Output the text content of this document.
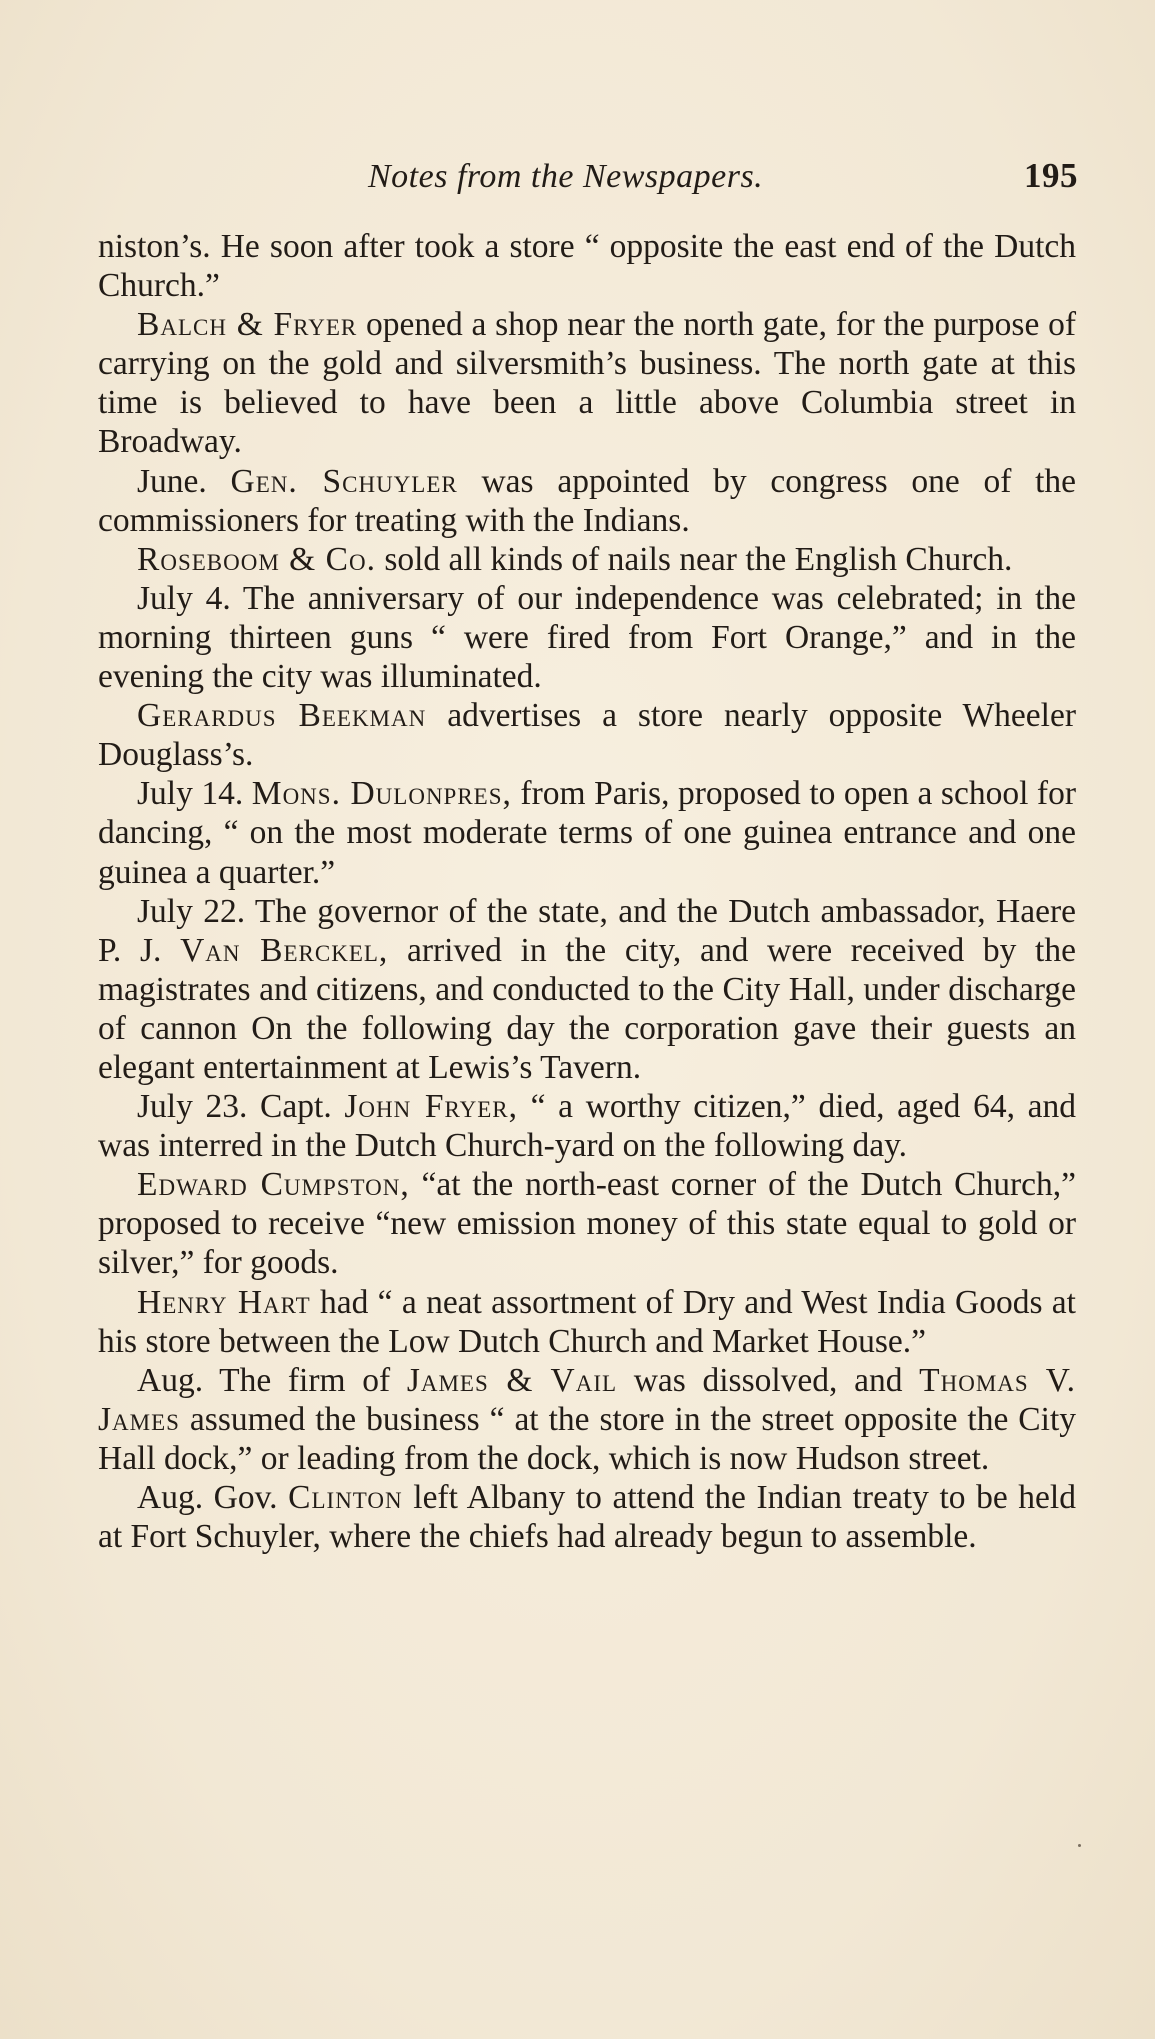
Notes from the Newspapers.	195

niston’s. He soon after took a store “ opposite the east end of the Dutch Church.”

Balch & Fryer opened a shop near the north gate, for the purpose of carrying on the gold and silversmith’s business. The north gate at this time is believed to have been a little above Columbia street in Broadway.

June. Gen. Schuyler was appointed by congress one of the commissioners for treating with the Indians.

Roseboom & Co. sold all kinds of nails near the English Church.

July 4. The anniversary of our independence was celebrated; in the morning thirteen guns “ were fired from Fort Orange,” and in the evening the city was illuminated.

Gerardus Beekman advertises a store nearly opposite Wheeler Douglass’s.

July 14. Mons. Dulonpres, from Paris, proposed to open a school for dancing, “ on the most moderate terms of one guinea entrance and one guinea a quarter.”

July 22. The governor of the state, and the Dutch ambassador, Haere P. J. Van Berckel, arrived in the city, and were received by the magistrates and citizens, and conducted to the City Hall, under discharge of cannon On the following day the corporation gave their guests an elegant entertainment at Lewis’s Tavern.

July 23. Capt. John Fryer, “ a worthy citizen,” died, aged 64, and was interred in the Dutch Church-yard on the following day.

Edward Cumpston, “at the north-east corner of the Dutch Church,” proposed to receive “new emission money of this state equal to gold or silver,” for goods.

Henry Hart had “ a neat assortment of Dry and West India Goods at his store between the Low Dutch Church and Market House.”

Aug. The firm of James & Vail was dissolved, and Thomas V. James assumed the business “ at the store in the street opposite the City Hall dock,” or leading from the dock, which is now Hudson street.

Aug. Gov. Clinton left Albany to attend the Indian treaty to be held at Fort Schuyler, where the chiefs had already begun to assemble.
